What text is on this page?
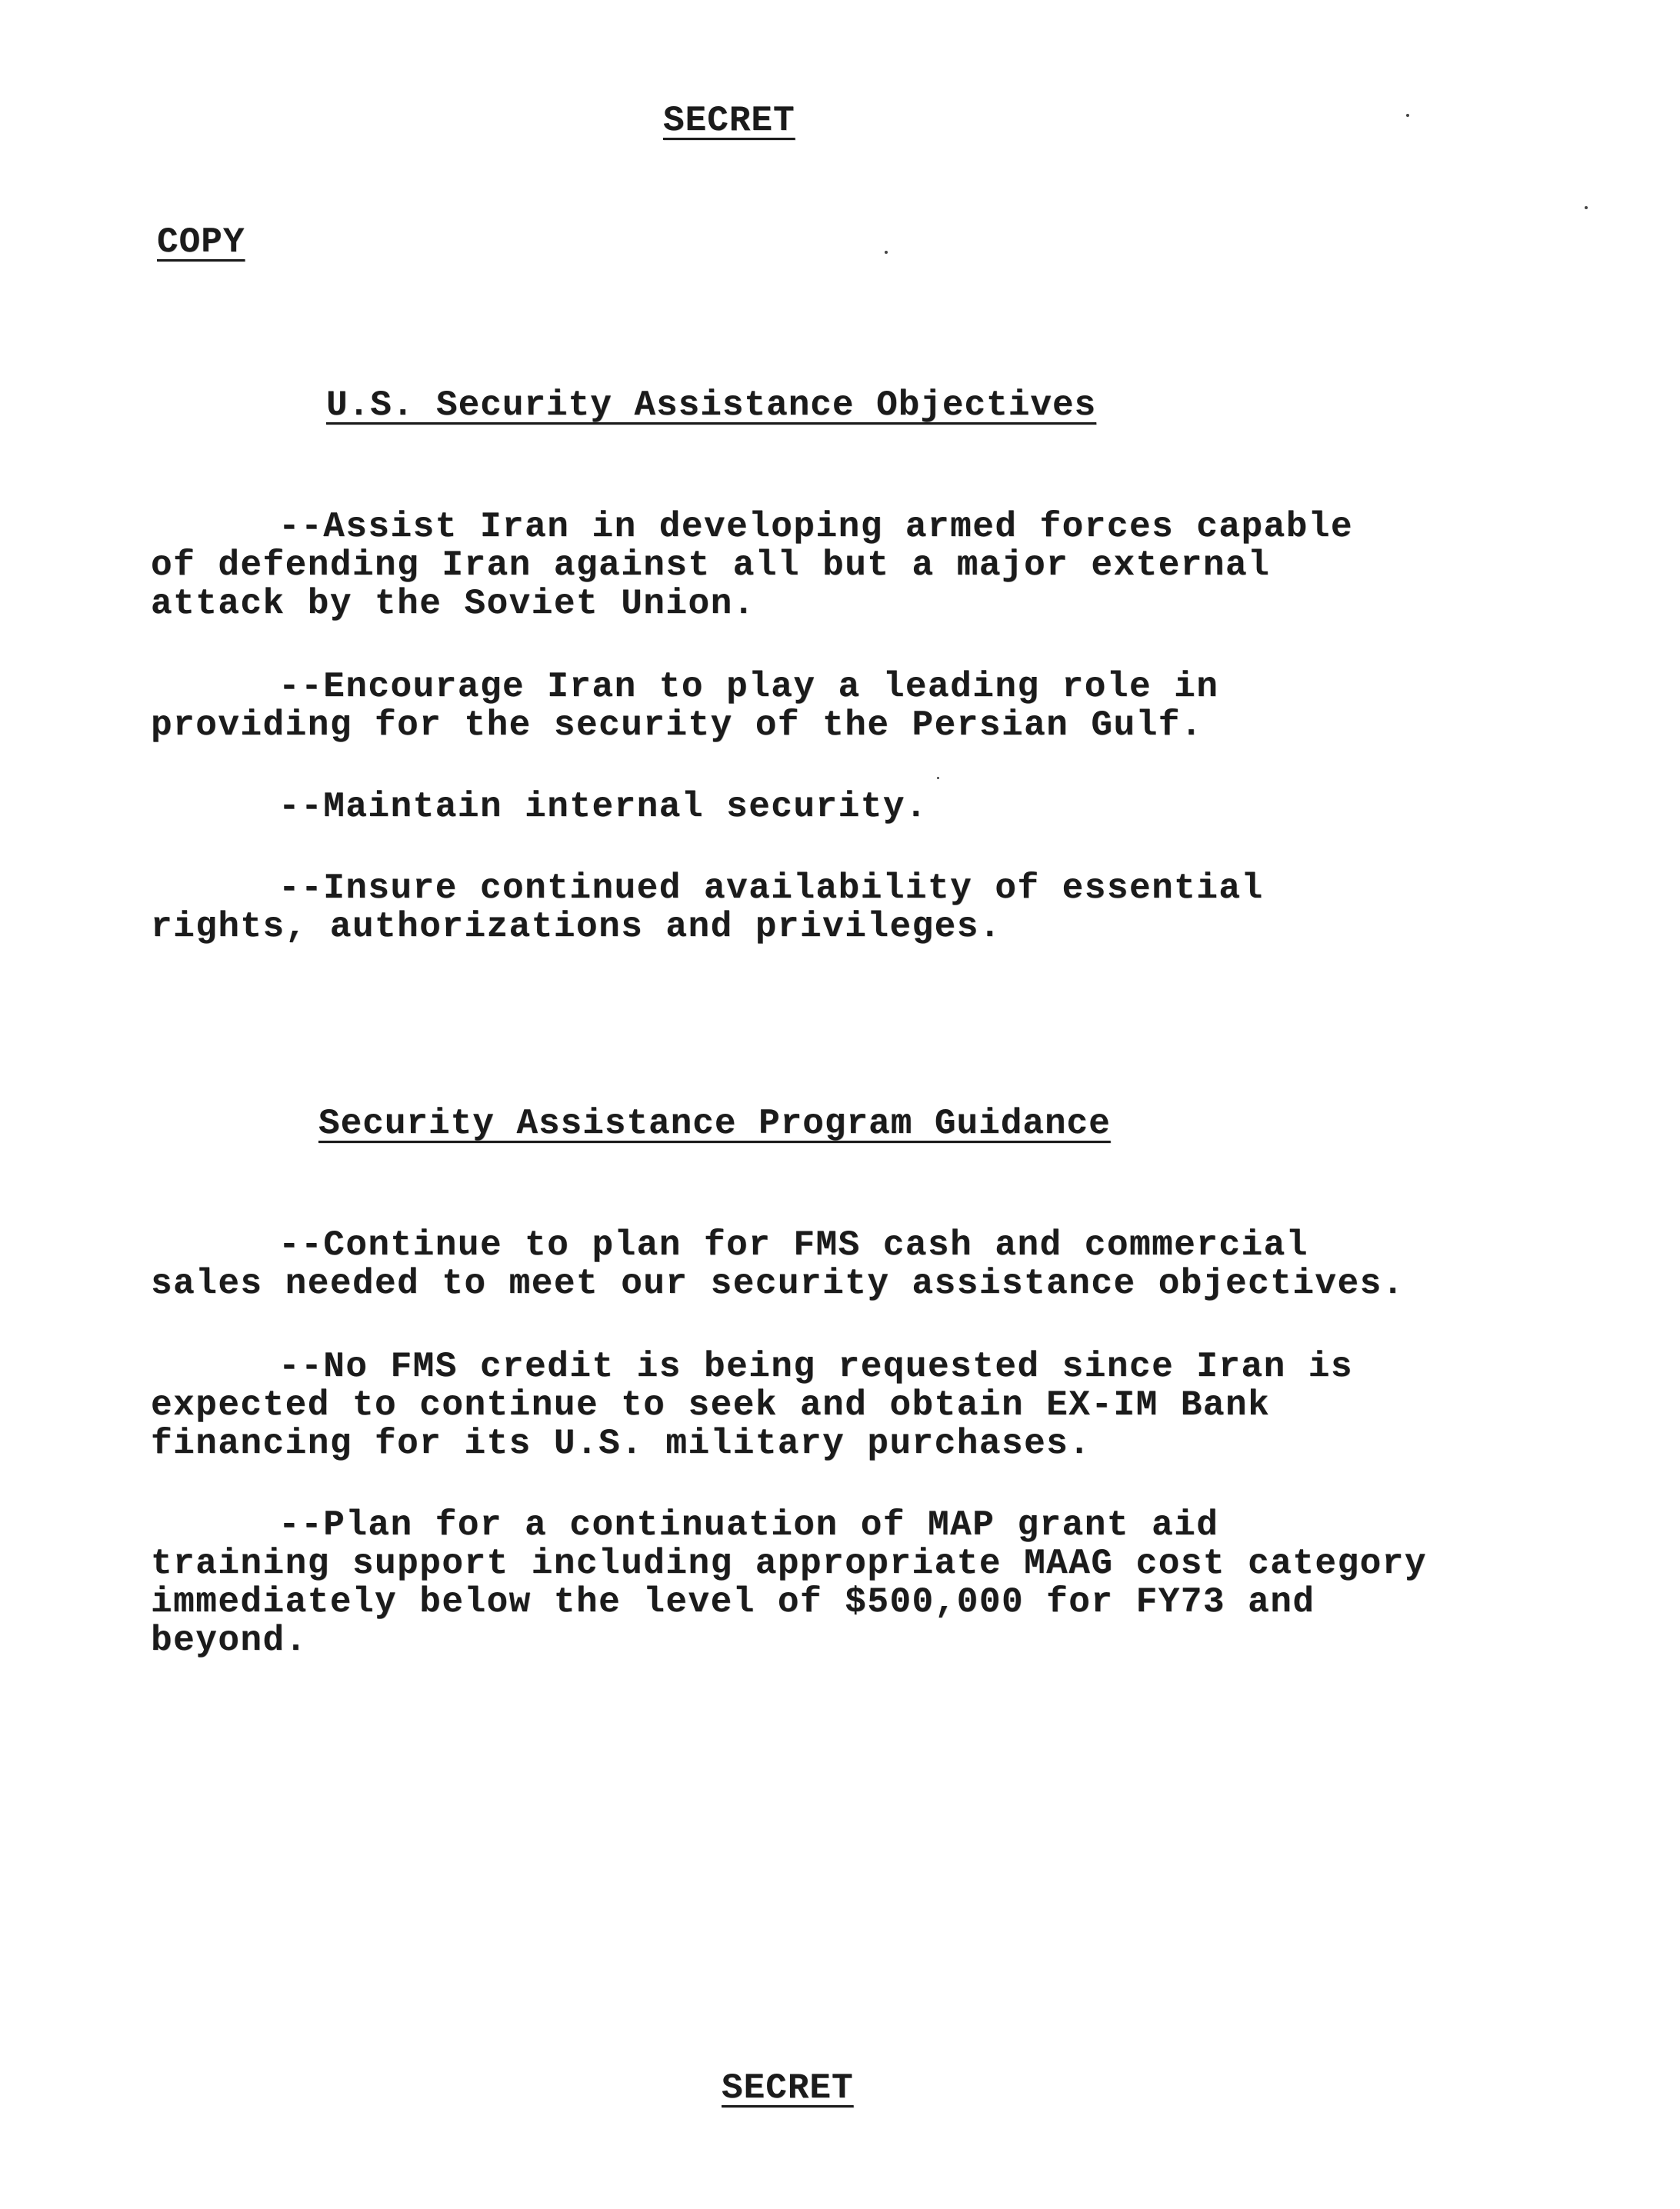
SECRET
COPY
U.S. Security Assistance Objectives
--Assist Iran in developing armed forces capable
of defending Iran against all but a major external
attack by the Soviet Union.
--Encourage Iran to play a leading role in
providing for the security of the Persian Gulf.
--Maintain internal security.
--Insure continued availability of essential
rights, authorizations and privileges.
Security Assistance Program Guidance
--Continue to plan for FMS cash and commercial
sales needed to meet our security assistance objectives.
--No FMS credit is being requested since Iran is
expected to continue to seek and obtain EX-IM Bank
financing for its U.S. military purchases.
--Plan for a continuation of MAP grant aid
training support including appropriate MAAG cost category
immediately below the level of $500,000 for FY73 and
beyond.
SECRET
